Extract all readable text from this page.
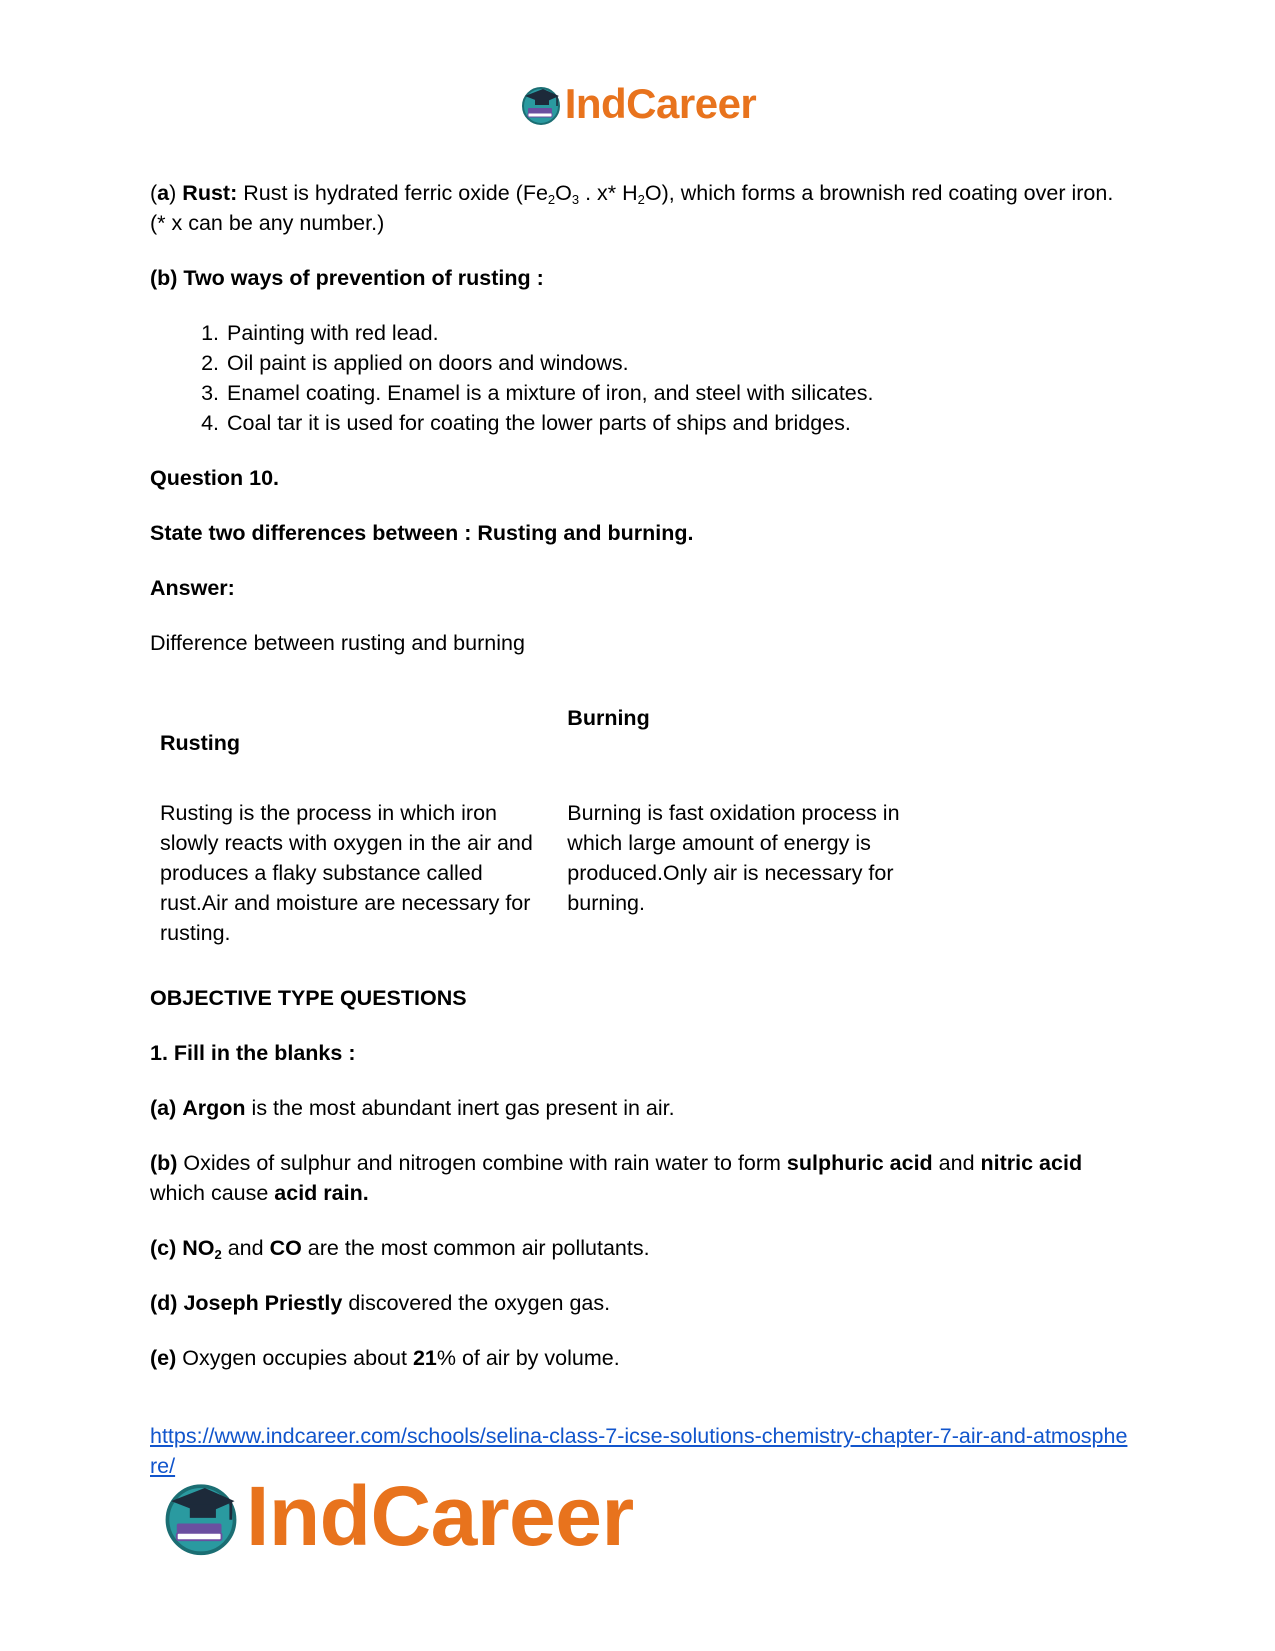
IndCareer

(a) Rust: Rust is hydrated ferric oxide ($Fe_2O_3$ . x* $H_2O$), which forms a brownish red coating over iron. (* x can be any number.)

(b) Two ways of prevention of rusting :

1. Painting with red lead.
2. Oil paint is applied on doors and windows.
3. Enamel coating. Enamel is a mixture of iron, and steel with silicates.
4. Coal tar it is used for coating the lower parts of ships and bridges.

Question 10.

State two differences between : Rusting and burning.

Answer:

Difference between rusting and burning

Rusting	Burning

Rusting is the process in which iron slowly reacts with oxygen in the air and produces a flaky substance called rust.Air and moisture are necessary for rusting.	Burning is fast oxidation process in which large amount of energy is produced.Only air is necessary for burning.

OBJECTIVE TYPE QUESTIONS

1. Fill in the blanks :

(a) Argon is the most abundant inert gas present in air.

(b) Oxides of sulphur and nitrogen combine with rain water to form sulphuric acid and nitric acid which cause acid rain.

(c) $NO_2$ and CO are the most common air pollutants.

(d) Joseph Priestly discovered the oxygen gas.

(e) Oxygen occupies about 21% of air by volume.

https://www.indcareer.com/schools/selina-class-7-icse-solutions-chemistry-chapter-7-air-and-atmosphere/

IndCareer
